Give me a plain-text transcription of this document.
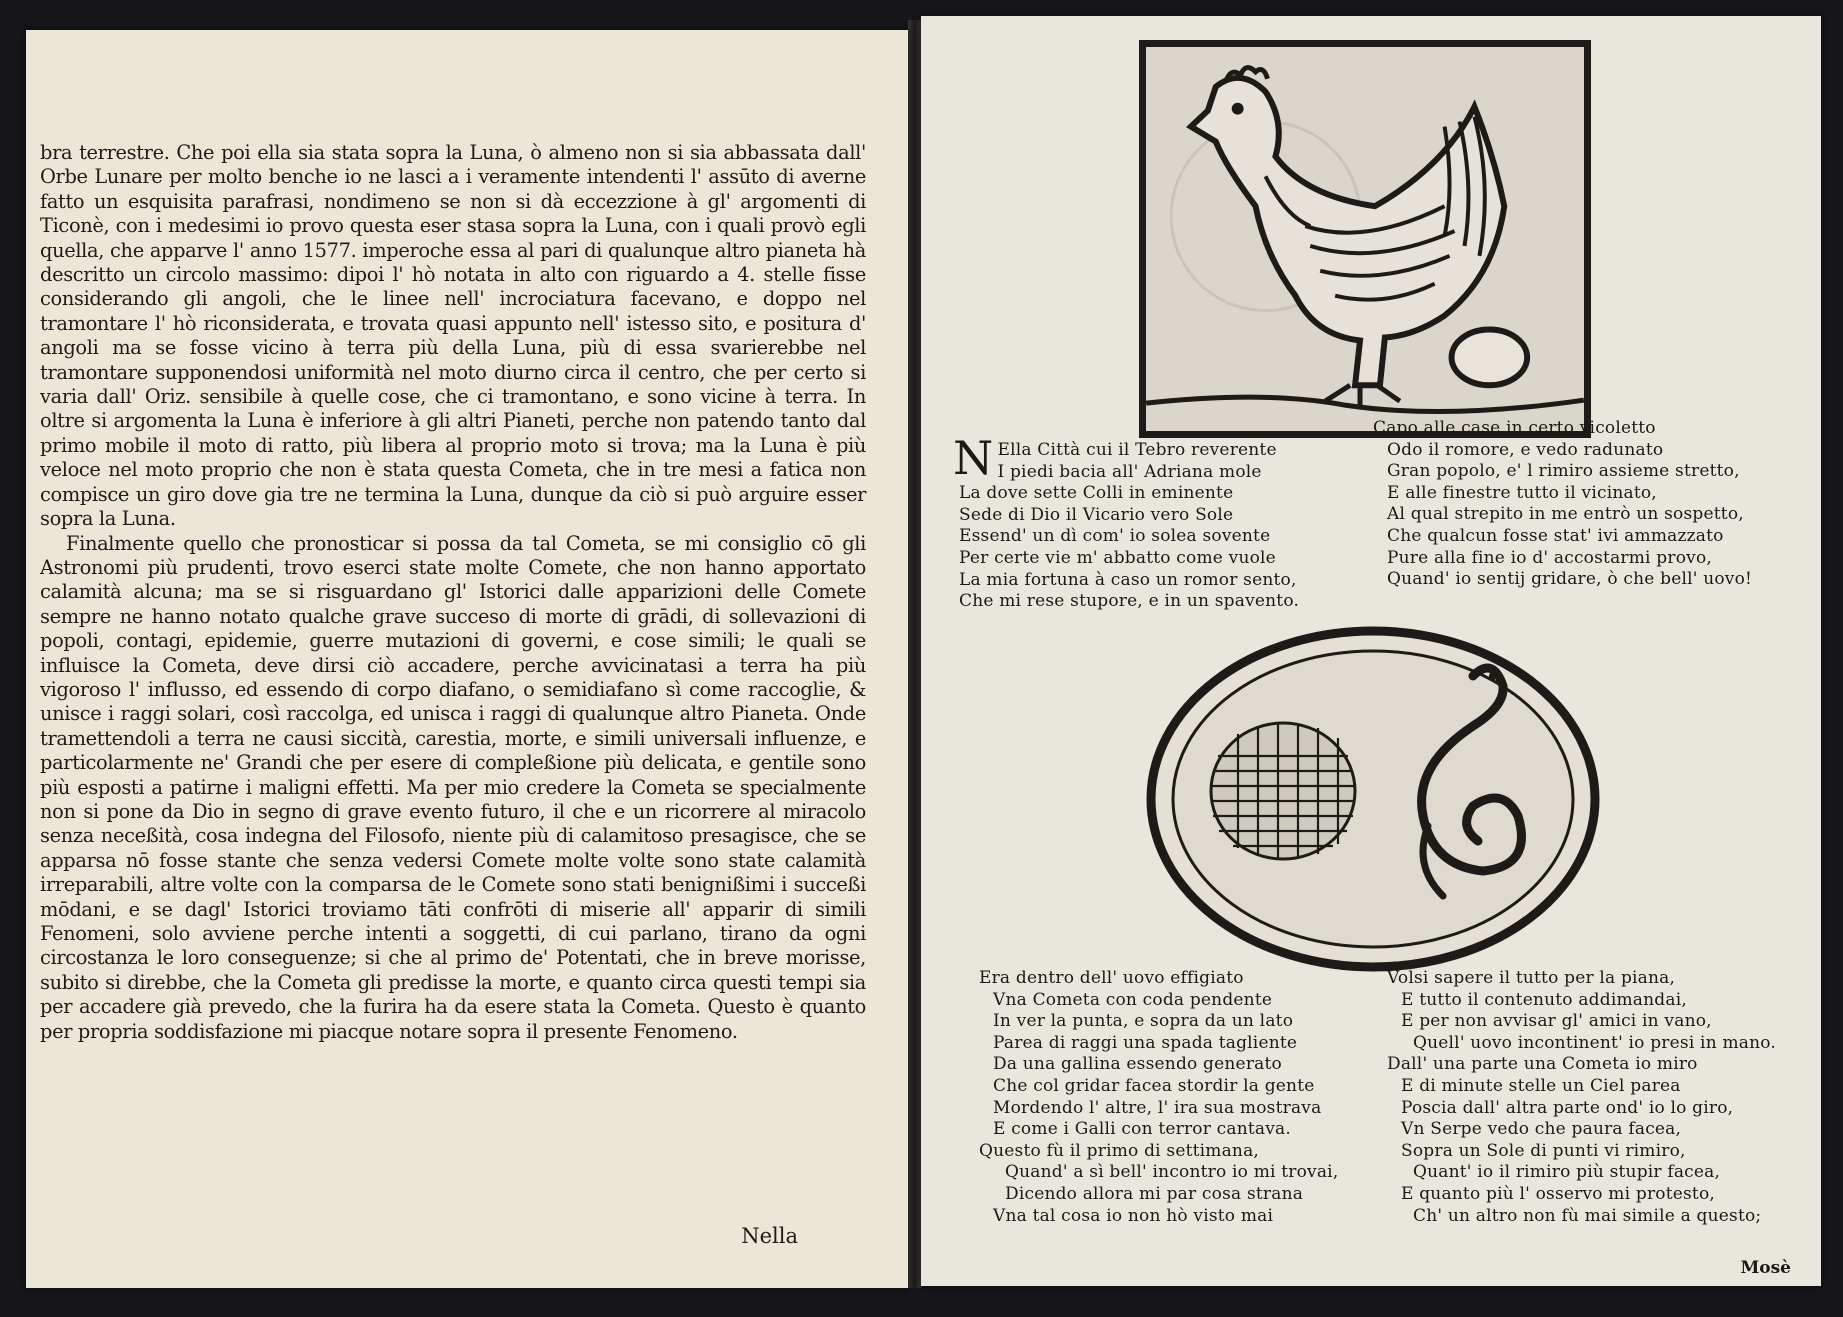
bra terrestre. Che poi ella sia stata sopra la Luna, ò almeno non si sia abbassata dall' Orbe Lunare per molto benche io ne lasci a i veramente intendenti l' assūto di averne fatto un esquisita parafrasi, nondimeno se non si dà eccezzione à gl' argomenti di Ticonè, con i medesimi io provo questa eser stasa sopra la Luna, con i quali provò egli quella, che apparve l' anno 1577. imperoche essa al pari di qualunque altro pianeta hà descritto un circolo massimo: dipoi l' hò notata in alto con riguardo a 4. stelle fisse considerando gli angoli, che le linee nell' incrociatura facevano, e doppo nel tramontare l' hò riconsiderata, e trovata quasi appunto nell' istesso sito, e positura d' angoli ma se fosse vicino à terra più della Luna, più di essa svarierebbe nel tramontare supponendosi uniformità nel moto diurno circa il centro, che per certo si varia dall' Oriz. sensibile à quelle cose, che ci tramontano, e sono vicine à terra. In oltre si argomenta la Luna è inferiore à gli altri Pianeti, perche non patendo tanto dal primo mobile il moto di ratto, più libera al proprio moto si trova; ma la Luna è più veloce nel moto proprio che non è stata questa Cometa, che in tre mesi a fatica non compisce un giro dove gia tre ne termina la Luna, dunque da ciò si può arguire esser sopra la Luna.

Finalmente quello che pronosticar si possa da tal Cometa, se mi consiglio cō gli Astronomi più prudenti, trovo eserci state molte Comete, che non hanno apportato calamità alcuna; ma se si risguardano gl' Istorici dalle apparizioni delle Comete sempre ne hanno notato qualche grave succeso di morte di grādi, di sollevazioni di popoli, contagi, epidemie, guerre mutazioni di governi, e cose simili; le quali se influisce la Cometa, deve dirsi ciò accadere, perche avvicinatasi a terra ha più vigoroso l' influsso, ed essendo di corpo diafano, o semidiafano sì come raccoglie, & unisce i raggi solari, così raccolga, ed unisca i raggi di qualunque altro Pianeta. Onde tramettendoli a terra ne causi siccità, carestia, morte, e simili universali influenze, e particolarmente ne' Grandi che per esere di compleßione più delicata, e gentile sono più esposti a patirne i maligni effetti. Ma per mio credere la Cometa se specialmente non si pone da Dio in segno di grave evento futuro, il che e un ricorrere al miracolo senza neceßità, cosa indegna del Filosofo, niente più di calamitoso presagisce, che se apparsa nō fosse stante che senza vedersi Comete molte volte sono state calamità irreparabili, altre volte con la comparsa de le Comete sono stati benignißimi i succeßi mōdani, e se dagl' Istorici troviamo tāti confrōti di miserie all' apparir di simili Fenomeni, solo avviene perche intenti a soggetti, di cui parlano, tirano da ogni circostanza le loro conseguenze; si che al primo de' Potentati, che in breve morisse, subito si direbbe, che la Cometa gli predisse la morte, e quanto circa questi tempi sia per accadere già prevedo, che la furira ha da esere stata la Cometa. Questo è quanto per propria soddisfazione mi piacque notare sopra il presente Fenomeno.

Nella
N Ella Città cui il Tebro reverente
I piedi bacia all' Adriana mole
La dove sette Colli in eminente
Sede di Dio il Vicario vero Sole
Essend' un dì com' io solea sovente
Per certe vie m' abbatto come vuole
La mia fortuna à caso un romor sento,
Che mi rese stupore, e in un spavento.
Capo alle case in certo vicoletto
Odo il romore, e vedo radunato
Gran popolo, e' l rimiro assieme stretto,
E alle finestre tutto il vicinato,
Al qual strepito in me entrò un sospetto,
Che qualcun fosse stat' ivi ammazzato
Pure alla fine io d' accostarmi provo,
Quand' io sentij gridare, ò che bell' uovo!
Era dentro dell' uovo effigiato
Vna Cometa con coda pendente
In ver la punta, e sopra da un lato
Parea di raggi una spada tagliente
Da una gallina essendo generato
Che col gridar facea stordir la gente
Mordendo l' altre, l' ira sua mostrava
E come i Galli con terror cantava.
Questo fù il primo di settimana,
Quand' a sì bell' incontro io mi trovai,
Dicendo allora mi par cosa strana
Vna tal cosa io non hò visto mai
Volsi sapere il tutto per la piana,
E tutto il contenuto addimandai,
E per non avvisar gl' amici in vano,
Quell' uovo incontinent' io presi in mano.
Dall' una parte una Cometa io miro
E di minute stelle un Ciel parea
Poscia dall' altra parte ond' io lo giro,
Vn Serpe vedo che paura facea,
Sopra un Sole di punti vi rimiro,
Quant' io il rimiro più stupir facea,
E quanto più l' osservo mi protesto,
Ch' un altro non fù mai simile a questo;
Mosè
